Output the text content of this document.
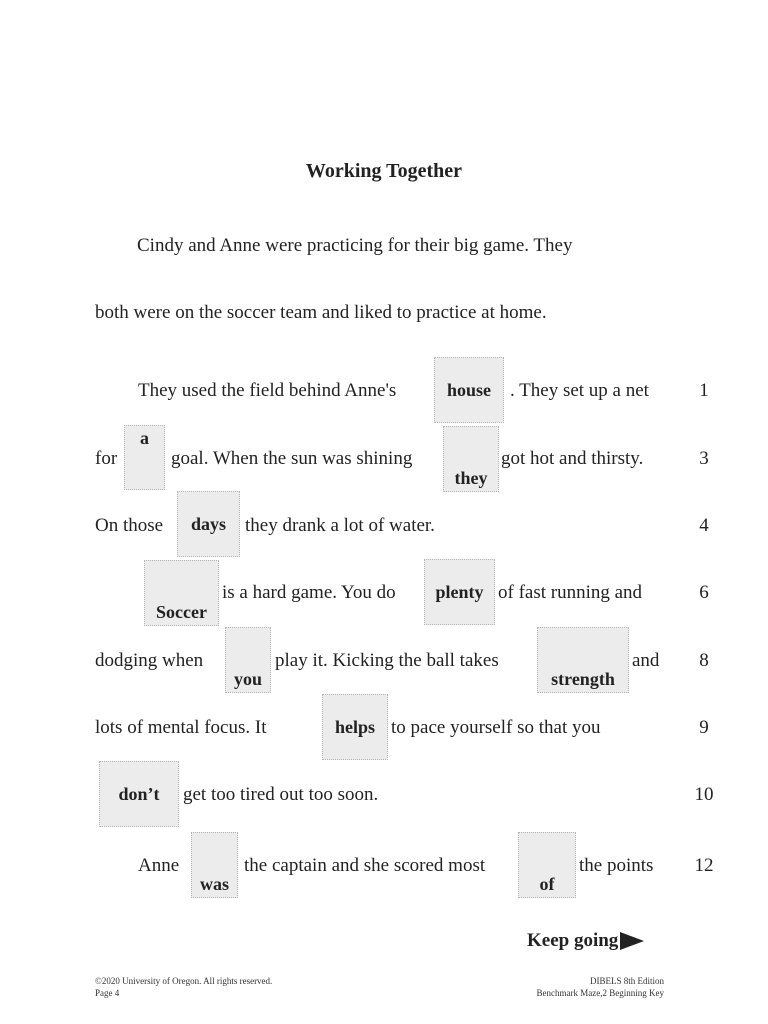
Working Together
Cindy and Anne were practicing for their big game. They
both were on the soccer team and liked to practice at home.
They used the field behind Anne's	house	. They set up a net	1
for
a
goal. When the sun was shining
they
got hot and thirsty.	3
On those	days	they drank a lot of water.	4
Soccer
is a hard game. You do	plenty of fast running and	6
dodging when
you
play it. Kicking the ball takes
strength
and	8
lots of mental focus. It	helps to pace yourself so that you	9
don’t	get too tired out too soon.	10
Anne
was
the captain and she scored most
of
the points	12
Keep going
©2020 University of Oregon. All rights reserved.
Page 4
DIBELS 8th Edition
Benchmark Maze,2 Beginning Key
